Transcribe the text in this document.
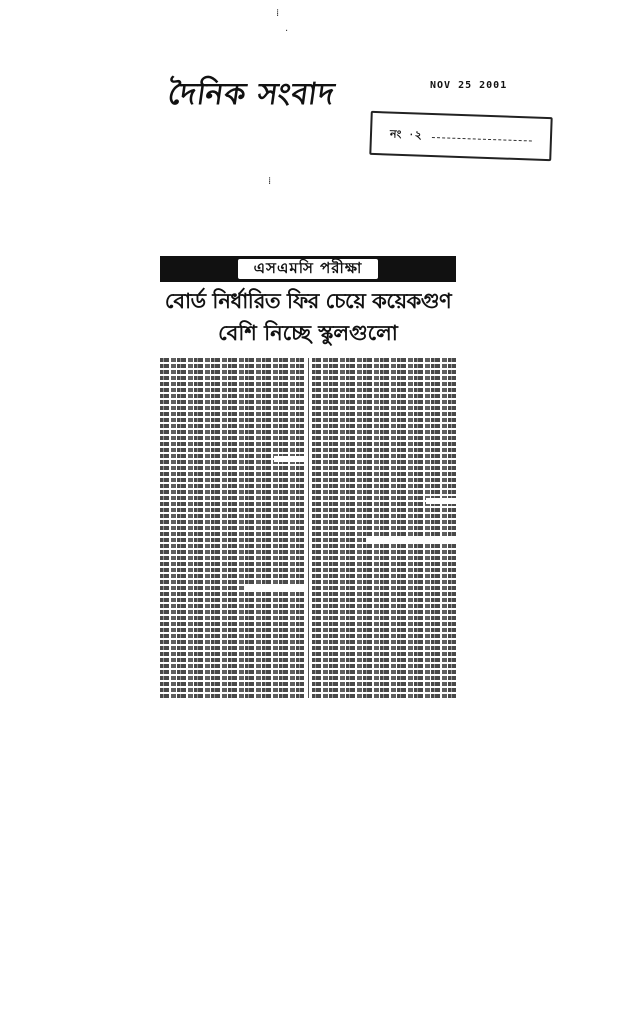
দৈনিক সংবাদ	NOV 25 2001
নং ·২
⁞
·
⁞
এসএমসি পরীক্ষা
বোর্ড নির্ধারিত ফির চেয়ে কয়েকগুণ
বেশি নিচ্ছে স্কুলগুলো
